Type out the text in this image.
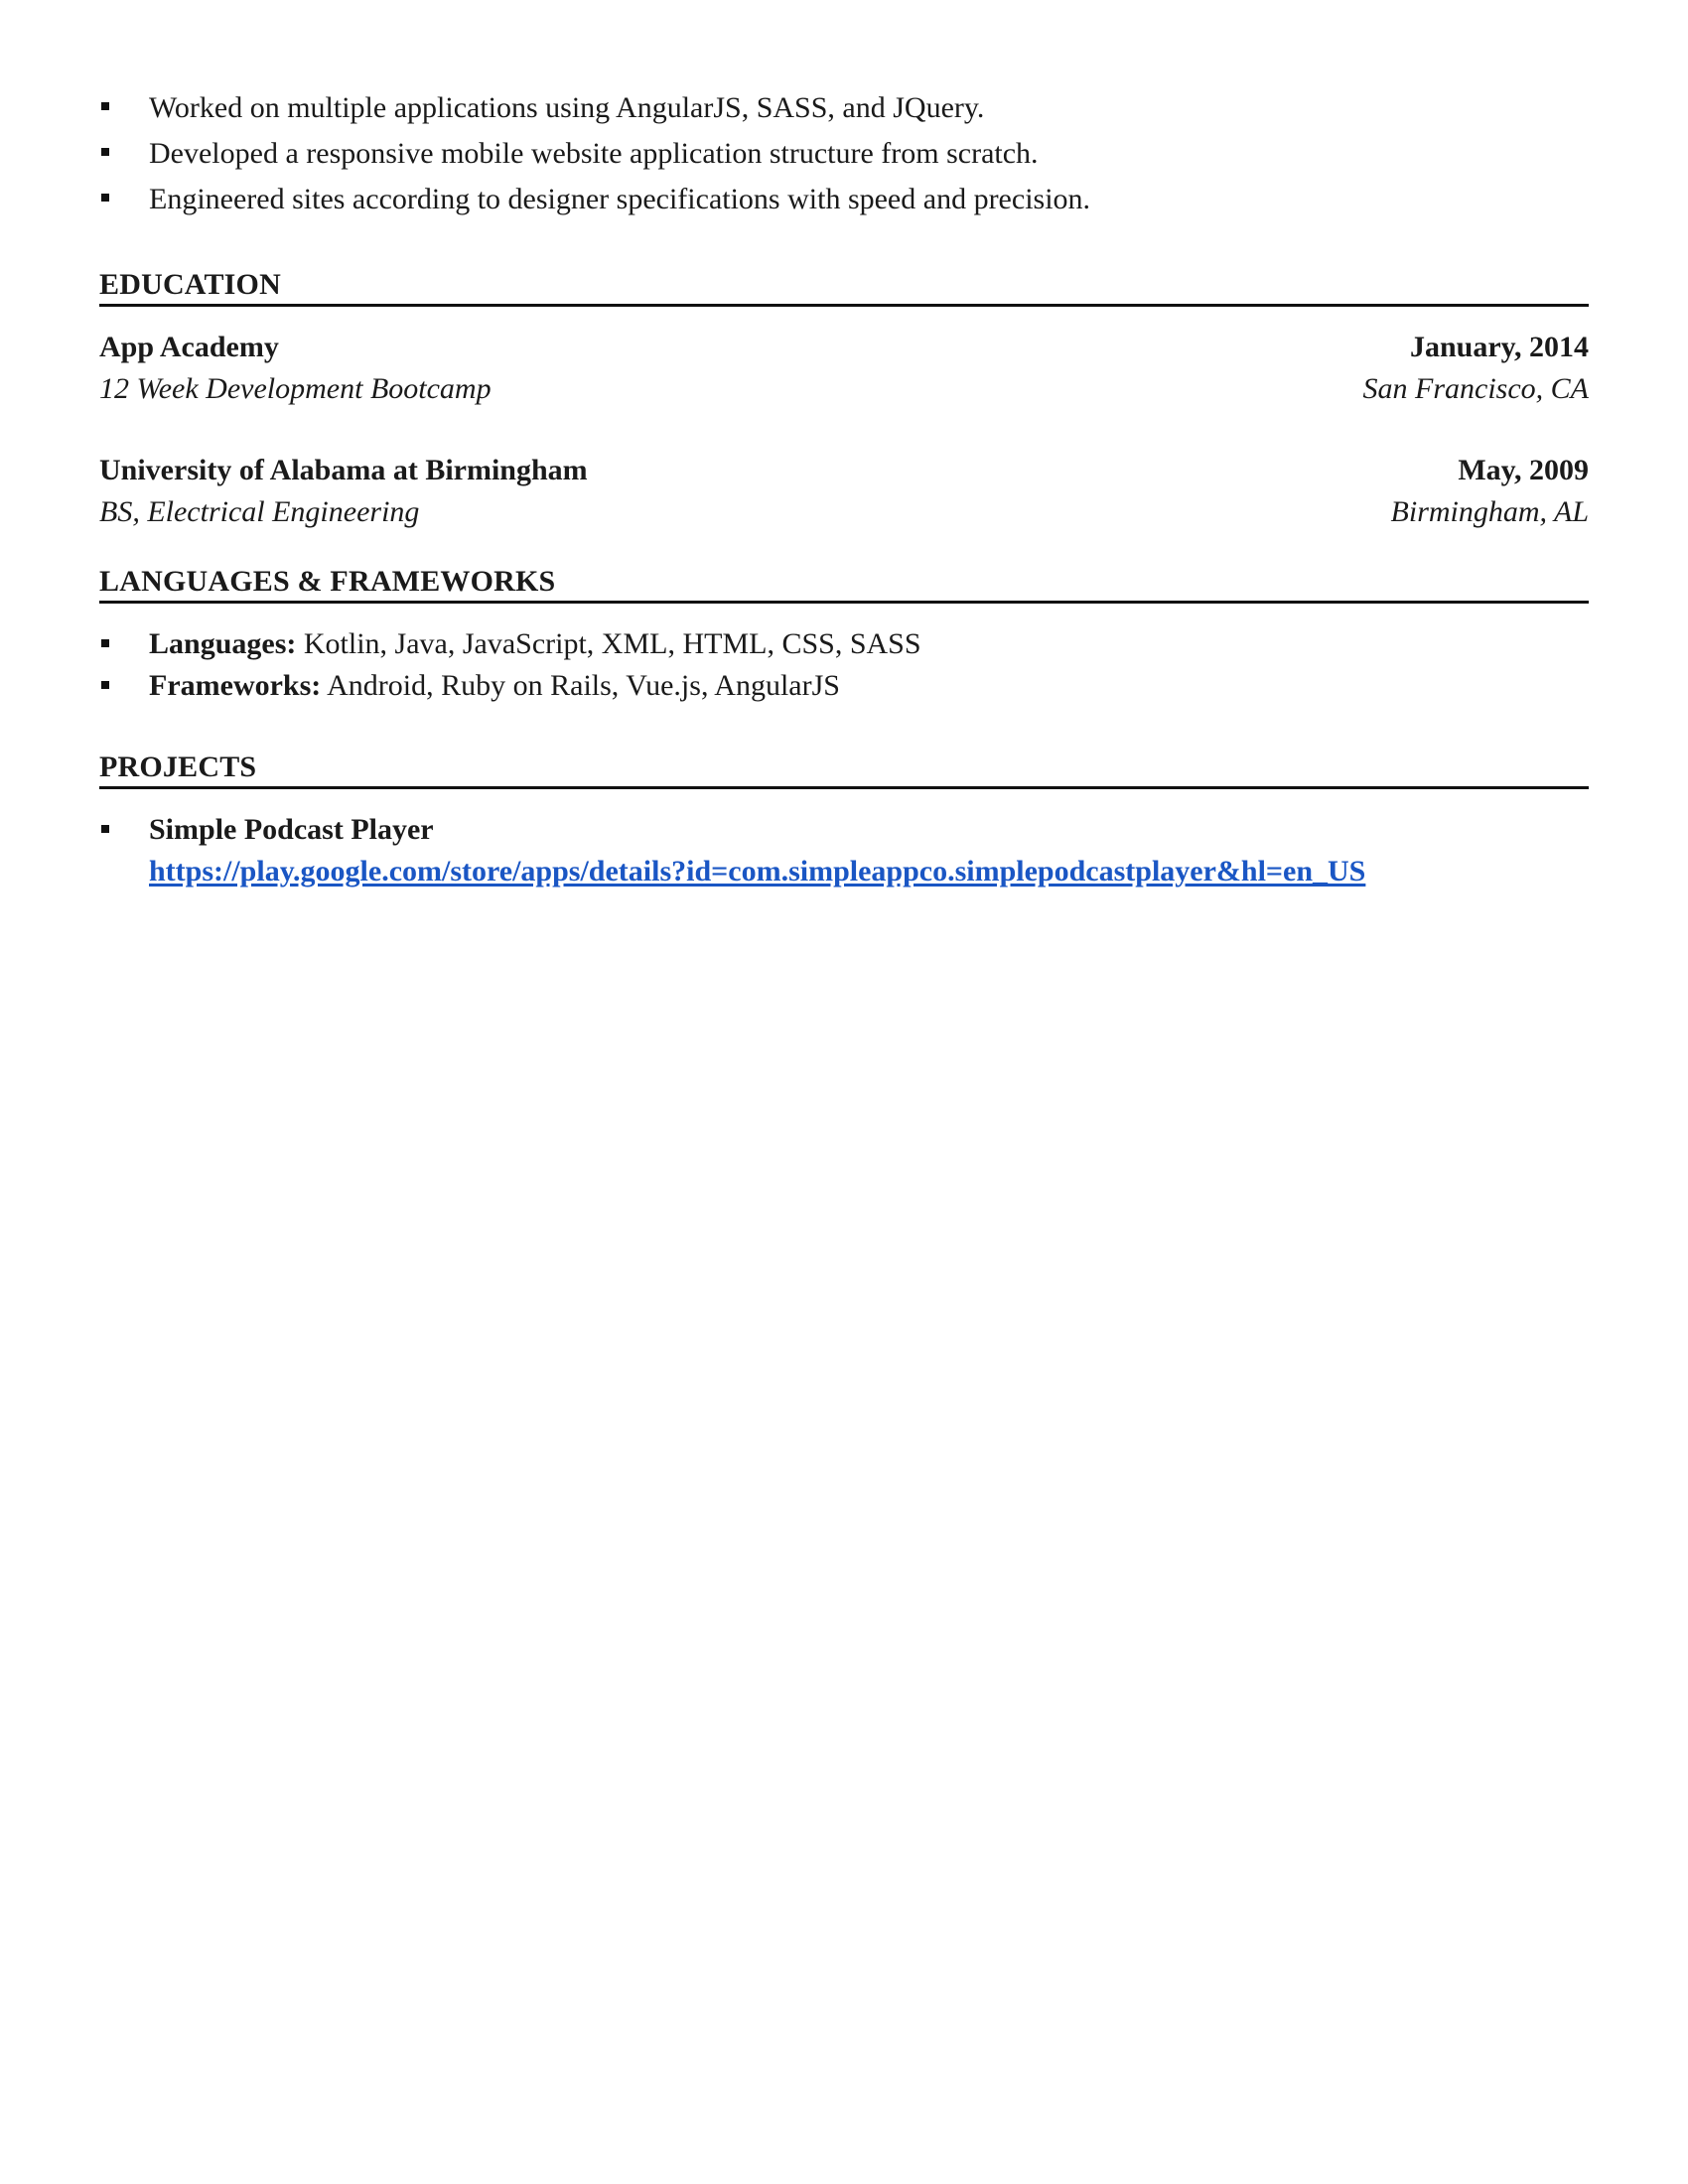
Worked on multiple applications using AngularJS, SASS, and JQuery.
Developed a responsive mobile website application structure from scratch.
Engineered sites according to designer specifications with speed and precision.
EDUCATION
App Academy	January, 2014
12 Week Development Bootcamp	San Francisco, CA
University of Alabama at Birmingham	May, 2009
BS, Electrical Engineering	Birmingham, AL
LANGUAGES & FRAMEWORKS
Languages: Kotlin, Java, JavaScript, XML, HTML, CSS, SASS
Frameworks: Android, Ruby on Rails, Vue.js, AngularJS
PROJECTS
Simple Podcast Player
https://play.google.com/store/apps/details?id=com.simpleappco.simplepodcastplayer&hl=en_US
